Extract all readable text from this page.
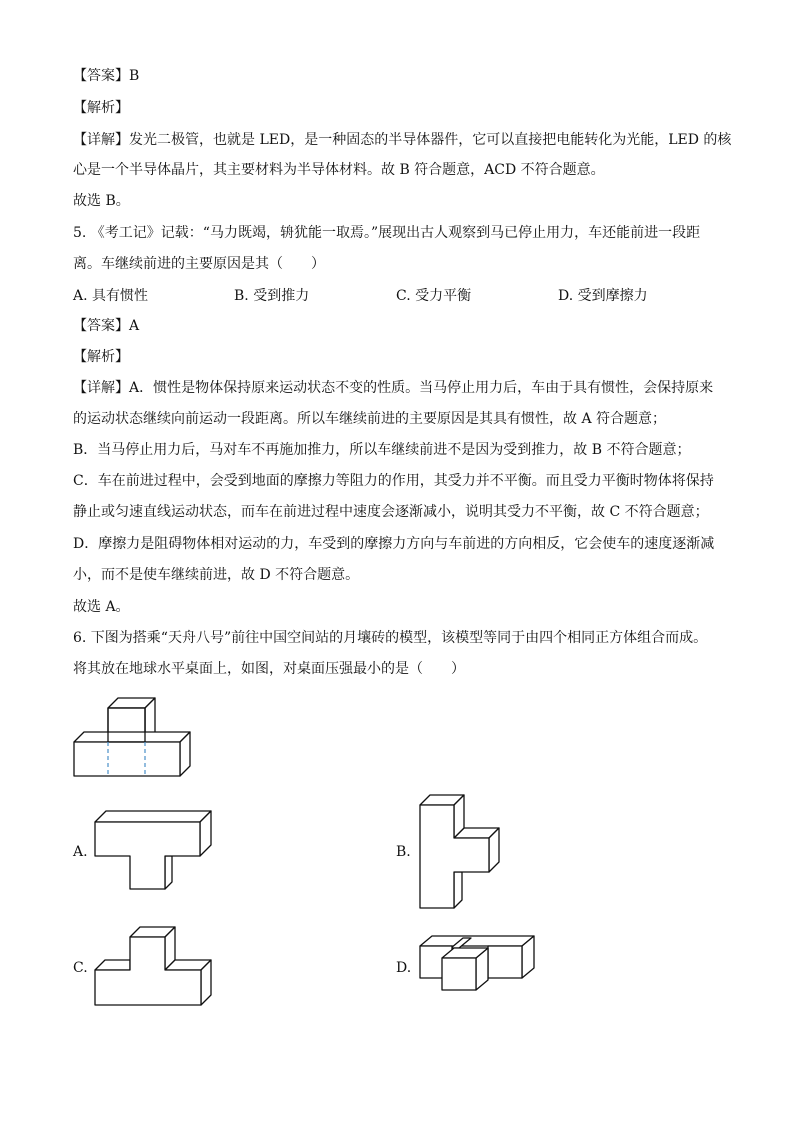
【答案】B
【解析】
【详解】发光二极管，也就是 LED，是一种固态的半导体器件，它可以直接把电能转化为光能，LED 的核
心是一个半导体晶片，其主要材料为半导体材料。故 B 符合题意，ACD 不符合题意。
故选 B。
5. 《考工记》记载：“马力既竭，辀犹能一取焉。”展现出古人观察到马已停止用力，车还能前进一段距
离。车继续前进的主要原因是其（　　）
A. 具有惯性	B. 受到推力	C. 受力平衡	D. 受到摩擦力
【答案】A
【解析】
【详解】A．惯性是物体保持原来运动状态不变的性质。当马停止用力后，车由于具有惯性，会保持原来
的运动状态继续向前运动一段距离。所以车继续前进的主要原因是其具有惯性，故 A 符合题意；
B．当马停止用力后，马对车不再施加推力，所以车继续前进不是因为受到推力，故 B 不符合题意；
C．车在前进过程中，会受到地面的摩擦力等阻力的作用，其受力并不平衡。而且受力平衡时物体将保持
静止或匀速直线运动状态，而车在前进过程中速度会逐渐减小，说明其受力不平衡，故 C 不符合题意；
D．摩擦力是阻碍物体相对运动的力，车受到的摩擦力方向与车前进的方向相反，它会使车的速度逐渐减
小，而不是使车继续前进，故 D 不符合题意。
故选 A。
6. 下图为搭乘“天舟八号”前往中国空间站的月壤砖的模型，该模型等同于由四个相同正方体组合而成。
将其放在地球水平桌面上，如图，对桌面压强最小的是（　　）
A.	B.
C.	D.
